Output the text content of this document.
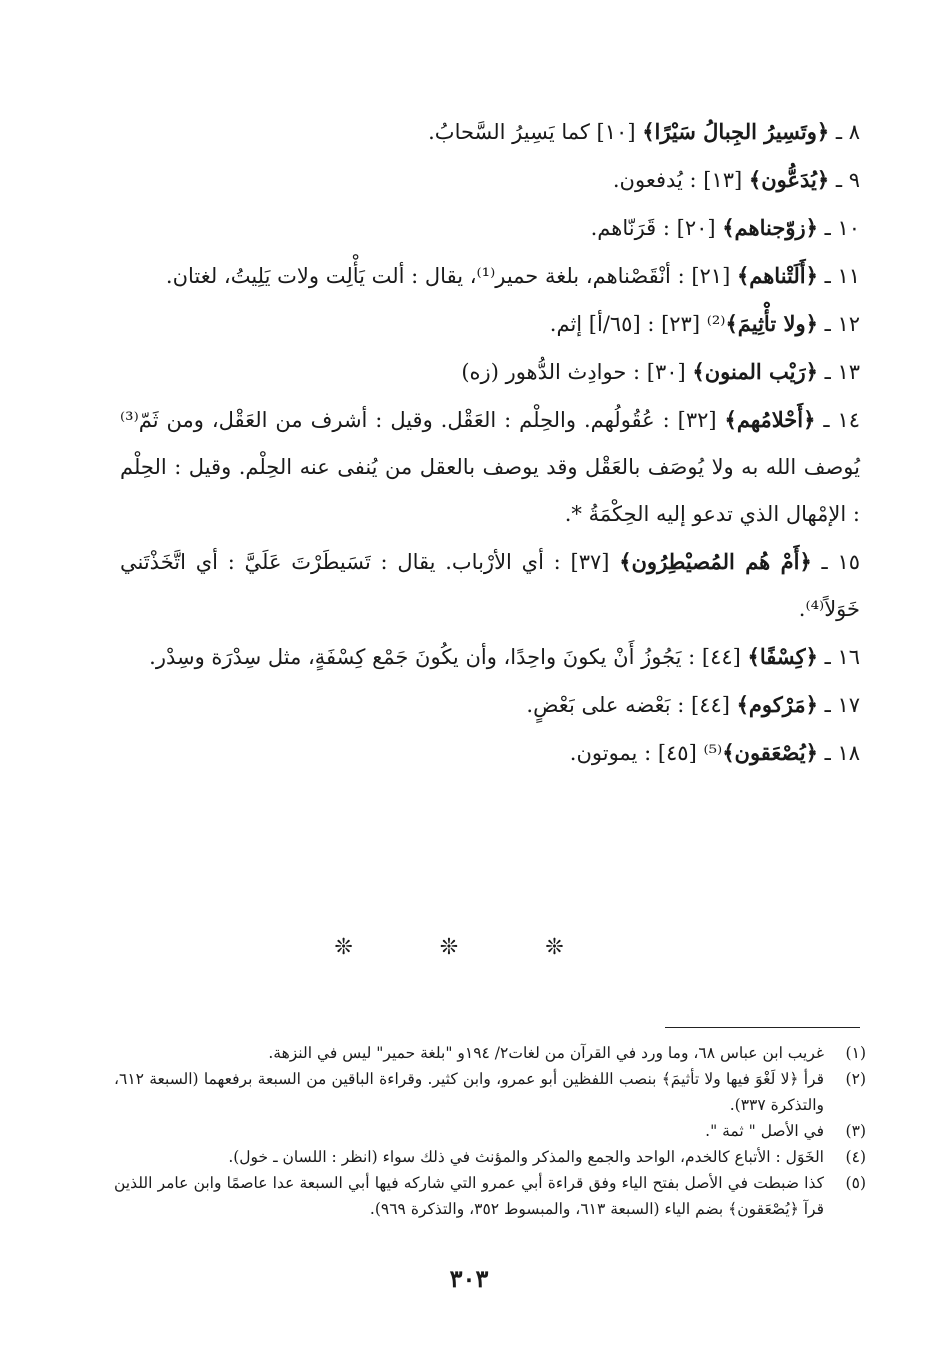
٨ ـ ﴿وتَسِيرُ الجِبالُ سَيْرًا﴾ [١٠] كما يَسِيرُ السَّحابُ.

٩ ـ ﴿يُدَعُّون﴾ [١٣] : يُدفعون.

١٠ ـ ﴿زوّجناهم﴾ [٢٠] : قَرَنّاهم.

١١ ـ ﴿أَلَتْناهم﴾ [٢١] : أنْقَصْناهم، بلغة حمير⁽¹⁾، يقال : ألت يَأْلِت ولات يَلِيتُ، لغتان.

١٢ ـ ﴿ولا تأْثِيمَ﴾⁽²⁾ [٢٣] : [٦٥/أ] إثم.

١٣ ـ ﴿رَيْب المنون﴾ [٣٠] : حوادِث الدُّهور (زه)

١٤ ـ ﴿أَحْلامُهم﴾ [٣٢] : عُقُولُهم. والحِلْم : العَقْل. وقيل : أشرف من العَقْل، ومن ثَمّ⁽³⁾ يُوصف الله به ولا يُوصَف بالعَقْل وقد يوصف بالعقل من يُنفى عنه الحِلْم. وقيل : الحِلْم : الإمْهال الذي تدعو إليه الحِكْمَةُ *.

١٥ ـ ﴿أَمْ هُم المُصيْطِرُون﴾ [٣٧] : أي الأرْباب. يقال : تَسَيطَرْتَ عَلَيَّ : أي اتَّخَذْتَني خَوَلاً⁽⁴⁾.

١٦ ـ ﴿كِسْفًا﴾ [٤٤] : يَجُوزُ أَنْ يكونَ واحِدًا، وأن يكُونَ جَمْع كِسْفَةٍ، مثل سِدْرَة وسِدْر.

١٧ ـ ﴿مَرْكوم﴾ [٤٤] : بَعْضه على بَعْضٍ.

١٨ ـ ﴿يُصْعَقون﴾⁽⁵⁾ [٤٥] : يموتون.

❊ ❊ ❊
(١)
غريب ابن عباس ٦٨، وما ورد في القرآن من لغات٢/ ١٩٤و "بلغة حمير" ليس في النزهة.
(٢)
قرأ ﴿لا لَغْوَ فيها ولا تأثيمَ﴾ بنصب اللفظين أبو عمرو، وابن كثير. وقراءة الباقين من السبعة برفعهما (السبعة ٦١٢، والتذكرة ٣٣٧).
(٣)
في الأصل " ثمة ".
(٤)
الخَوَل : الأتباع كالخدم، الواحد والجمع والمذكر والمؤنث في ذلك سواء (انظر : اللسان ـ خول).
(٥)
كذا ضبطت في الأصل بفتح الياء وفق قراءة أبي عمرو التي شاركه فيها أبي السبعة عدا عاصمًا وابن عامر اللذين قرآ ﴿يُصْعَقون﴾ بضم الياء (السبعة ٦١٣، والمبسوط ٣٥٢، والتذكرة ٩٦٩).
٣٠٣
